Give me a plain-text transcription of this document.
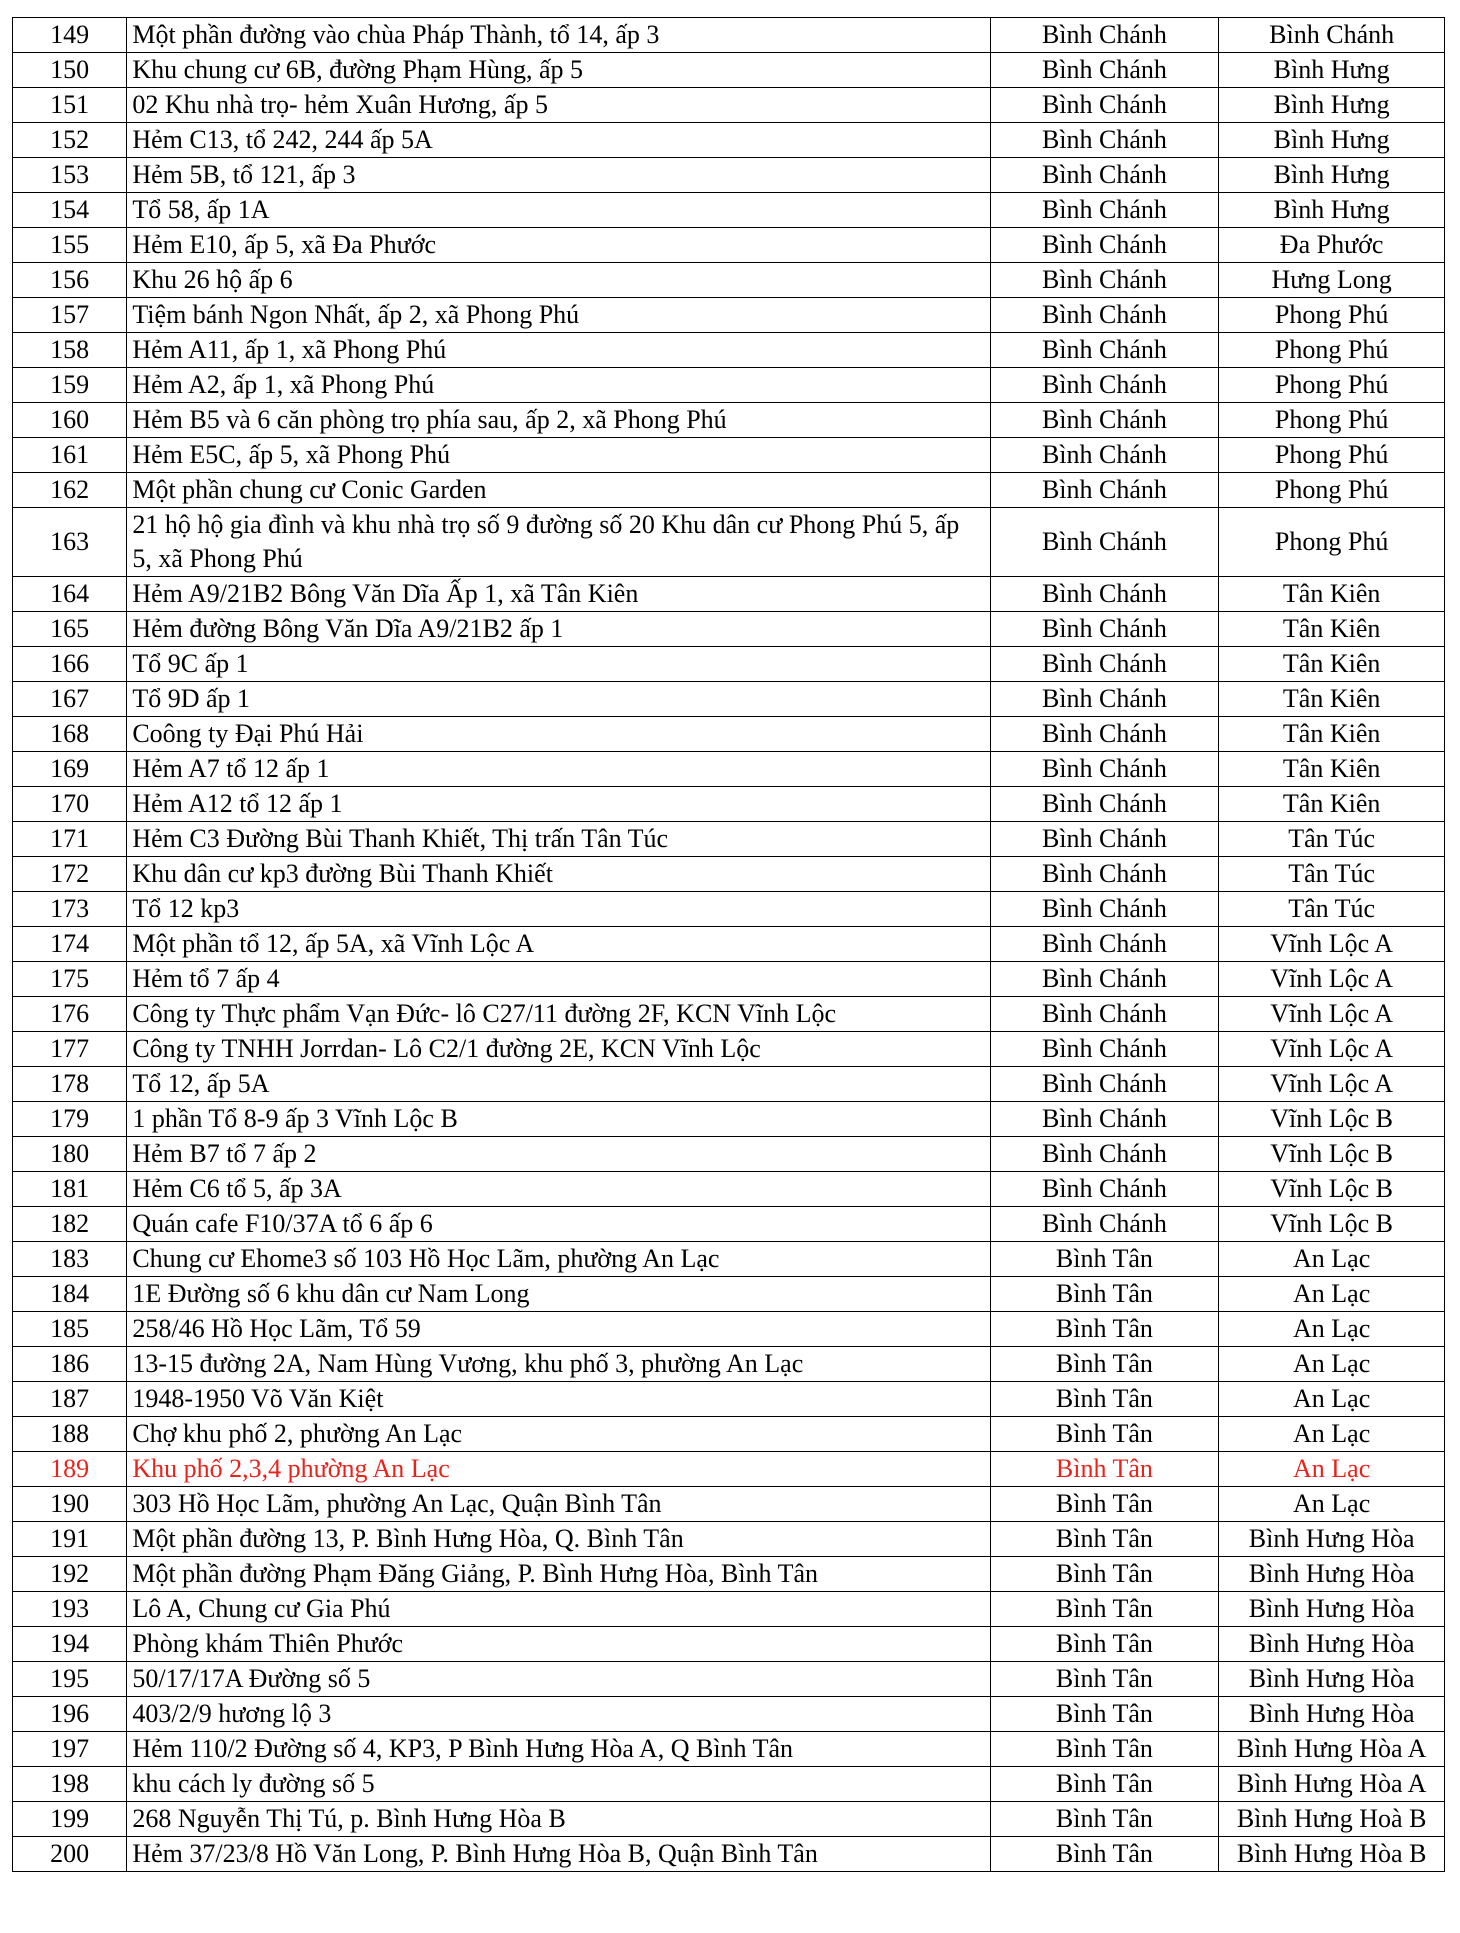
149	Một phần đường vào chùa Pháp Thành, tổ 14, ấp 3	Bình Chánh	Bình Chánh
150	Khu chung cư 6B, đường Phạm Hùng, ấp 5	Bình Chánh	Bình Hưng
151	02 Khu nhà trọ- hẻm Xuân Hương, ấp 5	Bình Chánh	Bình Hưng
152	Hẻm C13, tổ 242, 244 ấp 5A	Bình Chánh	Bình Hưng
153	Hẻm 5B, tổ 121, ấp 3	Bình Chánh	Bình Hưng
154	Tổ 58, ấp 1A	Bình Chánh	Bình Hưng
155	Hẻm E10, ấp 5, xã Đa Phước	Bình Chánh	Đa Phước
156	Khu 26 hộ ấp 6	Bình Chánh	Hưng Long
157	Tiệm bánh Ngon Nhất, ấp 2, xã Phong Phú	Bình Chánh	Phong Phú
158	Hẻm A11, ấp 1, xã Phong Phú	Bình Chánh	Phong Phú
159	Hẻm A2, ấp 1, xã Phong Phú	Bình Chánh	Phong Phú
160	Hẻm B5 và 6 căn phòng trọ phía sau, ấp 2, xã Phong Phú	Bình Chánh	Phong Phú
161	Hẻm E5C, ấp 5, xã Phong Phú	Bình Chánh	Phong Phú
162	Một phần chung cư Conic Garden	Bình Chánh	Phong Phú
163	21 hộ hộ gia đình và khu nhà trọ số 9 đường số 20 Khu dân cư Phong Phú 5, ấp 5, xã Phong Phú	Bình Chánh	Phong Phú
164	Hẻm A9/21B2 Bông Văn Dĩa Ấp 1, xã Tân Kiên	Bình Chánh	Tân Kiên
165	Hẻm đường Bông Văn Dĩa A9/21B2 ấp 1	Bình Chánh	Tân Kiên
166	Tổ 9C ấp 1	Bình Chánh	Tân Kiên
167	Tổ 9D ấp 1	Bình Chánh	Tân Kiên
168	Coông ty Đại Phú Hải	Bình Chánh	Tân Kiên
169	Hẻm A7 tổ 12 ấp 1	Bình Chánh	Tân Kiên
170	Hẻm A12 tổ 12 ấp 1	Bình Chánh	Tân Kiên
171	Hẻm C3 Đường Bùi Thanh Khiết, Thị trấn Tân Túc	Bình Chánh	Tân Túc
172	Khu dân cư kp3 đường Bùi Thanh Khiết	Bình Chánh	Tân Túc
173	Tổ 12 kp3	Bình Chánh	Tân Túc
174	Một phần tổ 12, ấp 5A, xã Vĩnh Lộc A	Bình Chánh	Vĩnh Lộc A
175	Hẻm tổ 7 ấp 4	Bình Chánh	Vĩnh Lộc A
176	Công ty Thực phẩm Vạn Đức- lô C27/11 đường 2F, KCN Vĩnh Lộc	Bình Chánh	Vĩnh Lộc A
177	Công ty TNHH Jorrdan- Lô C2/1 đường 2E, KCN Vĩnh Lộc	Bình Chánh	Vĩnh Lộc A
178	Tổ 12, ấp 5A	Bình Chánh	Vĩnh Lộc A
179	1 phần Tổ 8-9 ấp 3 Vĩnh Lộc B	Bình Chánh	Vĩnh Lộc B
180	Hẻm B7 tổ 7 ấp 2	Bình Chánh	Vĩnh Lộc B
181	Hẻm C6 tổ 5, ấp 3A	Bình Chánh	Vĩnh Lộc B
182	Quán cafe F10/37A tổ 6 ấp 6	Bình Chánh	Vĩnh Lộc B
183	Chung cư Ehome3 số 103 Hồ Học Lãm, phường An Lạc	Bình Tân	An Lạc
184	1E Đường số 6 khu dân cư Nam Long	Bình Tân	An Lạc
185	258/46 Hồ Học Lãm, Tổ 59	Bình Tân	An Lạc
186	13-15 đường 2A, Nam Hùng Vương, khu phố 3, phường An Lạc	Bình Tân	An Lạc
187	1948-1950 Võ Văn Kiệt	Bình Tân	An Lạc
188	Chợ khu phố 2, phường An Lạc	Bình Tân	An Lạc
189	Khu phố 2,3,4 phường An Lạc	Bình Tân	An Lạc
190	303 Hồ Học Lãm, phường An Lạc, Quận Bình Tân	Bình Tân	An Lạc
191	Một phần đường 13, P. Bình Hưng Hòa, Q. Bình Tân	Bình Tân	Bình Hưng Hòa
192	Một phần đường Phạm Đăng Giảng, P. Bình Hưng Hòa, Bình Tân	Bình Tân	Bình Hưng Hòa
193	Lô A, Chung cư Gia Phú	Bình Tân	Bình Hưng Hòa
194	Phòng khám Thiên Phước	Bình Tân	Bình Hưng Hòa
195	50/17/17A Đường số 5	Bình Tân	Bình Hưng Hòa
196	403/2/9 hương lộ 3	Bình Tân	Bình Hưng Hòa
197	Hẻm 110/2 Đường số 4, KP3, P Bình Hưng Hòa A, Q Bình Tân	Bình Tân	Bình Hưng Hòa A
198	khu cách ly đường số 5	Bình Tân	Bình Hưng Hòa A
199	268 Nguyễn Thị Tú, p. Bình Hưng Hòa B	Bình Tân	Bình Hưng Hoà B
200	Hẻm 37/23/8 Hồ Văn Long, P. Bình Hưng Hòa B, Quận Bình Tân	Bình Tân	Bình Hưng Hòa B
